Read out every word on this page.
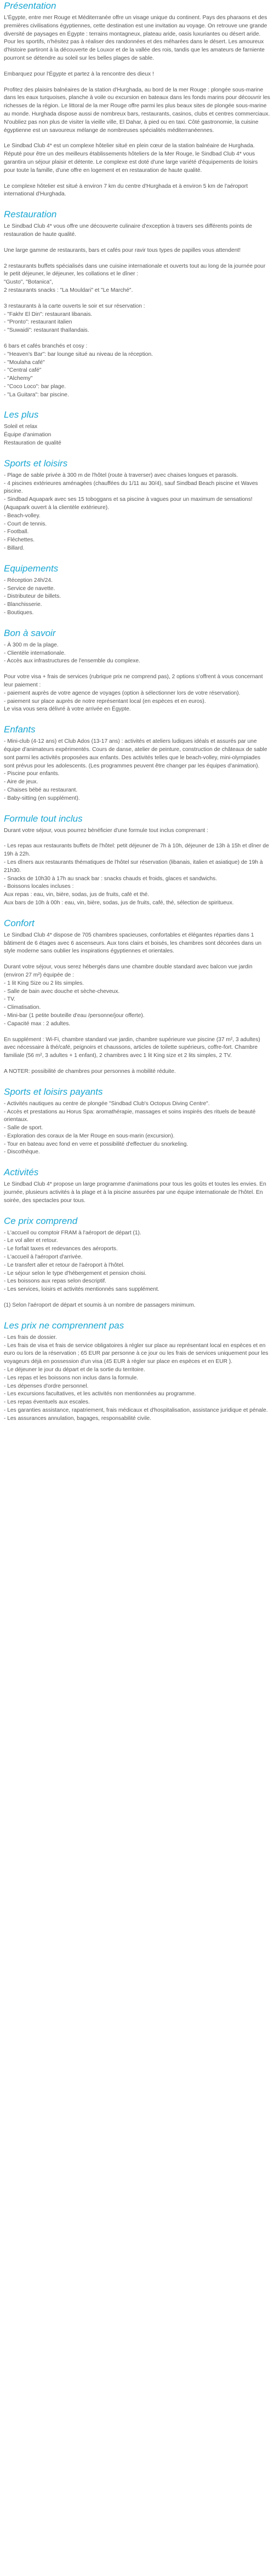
Présentation

L'Égypte, entre mer Rouge et Méditerranée offre un visage unique du continent. Pays des pharaons et des premières civilisations égyptiennes, cette destination est une invitation au voyage. On retrouve une grande diversité de paysages en Égypte : terrains montagneux, plateau aride, oasis luxuriantes ou désert aride. Pour les sportifs, n'hésitez pas à réaliser des randonnées et des méharées dans le désert. Les amoureux d'histoire partiront à la découverte de Louxor et de la vallée des rois, tandis que les amateurs de farniente pourront se détendre au soleil sur les belles plages de sable.

Embarquez pour l'Égypte et partez à la rencontre des dieux !

Profitez des plaisirs balnéaires de la station d'Hurghada, au bord de la mer Rouge : plongée sous-marine dans les eaux turquoises, planche à voile ou excursion en bateaux dans les fonds marins pour découvrir les richesses de la région. Le littoral de la mer Rouge offre parmi les plus beaux sites de plongée sous-marine au monde. Hurghada dispose aussi de nombreux bars, restaurants, casinos, clubs et centres commerciaux. N'oubliez pas non plus de visiter la vieille ville, El Dahar, à pied ou en taxi. Côté gastronomie, la cuisine égyptienne est un savoureux mélange de nombreuses spécialités méditerranéennes.

Le Sindbad Club 4* est un complexe hôtelier situé en plein cœur de la station balnéaire de Hurghada. Réputé pour être un des meilleurs établissements hôteliers de la Mer Rouge, le Sindbad Club 4* vous garantira un séjour plaisir et détente. Le complexe est doté d'une large variété d'équipements de loisirs pour toute la famille, d'une offre en logement et en restauration de haute qualité.

Le complexe hôtelier est situé à environ 7 km du centre d'Hurghada et à environ 5 km de l'aéroport international d'Hurghada.

Restauration

Le Sindbad Club 4* vous offre une découverte culinaire d'exception à travers ses différents points de restauration de haute qualité.

Une large gamme de restaurants, bars et cafés pour ravir tous types de papilles vous attendent!

2 restaurants buffets spécialisés dans une cuisine internationale et ouverts tout au long de la journée pour le petit déjeuner, le déjeuner, les collations et le dîner :
"Gusto", "Botanica",
2 restaurants snacks : "La Mouldari" et "Le Marché".

3 restaurants à la carte ouverts le soir et sur réservation :
- "Fakhr El Din": restaurant libanais.
- "Pronto": restaurant italien
- "Suwaidi": restaurant thaïlandais.

6 bars et cafés branchés et cosy :
- "Heaven's Bar": bar lounge situé au niveau de la réception.
- "Moulaha café"
- "Central café"
- "Alchemy"
- "Coco Loco": bar plage.
- "La Guitara": bar piscine.

Les plus

Soleil et relax
Équipe d'animation
Restauration de qualité

Sports et loisirs

- Plage de sable privée à 300 m de l'hôtel (route à traverser) avec chaises longues et parasols.
- 4 piscines extérieures aménagées (chauffées du 1/11 au 30/4), sauf Sindbad Beach piscine et Waves piscine.
- Sindbad Aquapark avec ses 15 toboggans et sa piscine à vagues pour un maximum de sensations! (Aquapark ouvert à la clientèle extérieure).
- Beach-volley.
- Court de tennis.
- Football.
- Fléchettes.
- Billard.

Equipements

- Réception 24h/24.
- Service de navette.
- Distributeur de billets.
- Blanchisserie.
- Boutiques.

Bon à savoir

- À 300 m de la plage.
- Clientèle internationale.
- Accès aux infrastructures de l'ensemble du complexe.

Pour votre visa + frais de services (rubrique prix ne comprend pas), 2 options s'offrent à vous concernant leur paiement :
- paiement auprès de votre agence de voyages (option à sélectionner lors de votre réservation).
- paiement sur place auprès de notre représentant local (en espèces et en euros).
Le visa vous sera délivré à votre arrivée en Égypte.

Enfants

- Mini-club (4-12 ans) et Club Ados (13-17 ans) : activités et ateliers ludiques idéals et assurés par une équipe d'animateurs expérimentés. Cours de danse, atelier de peinture, construction de châteaux de sable sont parmi les activités proposées aux enfants. Des activités telles que le beach-volley, mini-olympiades sont prévus pour les adolescents. (Les programmes peuvent être changer par les équipes d'animation).
- Piscine pour enfants.
- Aire de jeux.
- Chaises bébé au restaurant.
- Baby-sitting (en supplément).

Formule tout inclus

Durant votre séjour, vous pourrez bénéficier d'une formule tout inclus comprenant :

- Les repas aux restaurants buffets de l'hôtel: petit déjeuner de 7h à 10h, déjeuner de 13h à 15h et dîner de 19h à 22h.
- Les dîners aux restaurants thématiques de l'hôtel sur réservation (libanais, italien et asiatique) de 19h à 21h30.
- Snacks de 10h30 à 17h au snack bar : snacks chauds et froids, glaces et sandwichs.
- Boissons locales incluses :
Aux repas : eau, vin, bière, sodas, jus de fruits, café et thé.
Aux bars de 10h à 00h : eau, vin, bière, sodas, jus de fruits, café, thé, sélection de spiritueux.

Confort

Le Sindbad Club 4* dispose de 705 chambres spacieuses, confortables et élégantes réparties dans 1 bâtiment de 6 étages avec 6 ascenseurs. Aux tons clairs et boisés, les chambres sont décorées dans un style moderne sans oublier les inspirations égyptiennes et orientales.

Durant votre séjour, vous serez hébergés dans une chambre double standard avec balcon vue jardin (environ 27 m²) équipée de :
- 1 lit King Size ou 2 lits simples.
- Salle de bain avec douche et sèche-cheveux.
- TV.
- Climatisation.
- Mini-bar (1 petite bouteille d'eau /personne/jour offerte).
- Capacité max : 2 adultes.

En supplément : Wi-Fi, chambre standard vue jardin, chambre supérieure vue piscine (37 m², 3 adultes) avec nécessaire à thé/café, peignoirs et chaussons, articles de toilette supérieurs, coffre-fort. Chambre familiale (56 m², 3 adultes + 1 enfant), 2 chambres avec 1 lit King size et 2 lits simples, 2 TV.

A NOTER: possibilité de chambres pour personnes à mobilité réduite.

Sports et loisirs payants

- Activités nautiques au centre de plongée "Sindbad Club's Octopus Diving Centre".
- Accès et prestations au Horus Spa: aromathérapie, massages et soins inspirés des rituels de beauté orientaux.
- Salle de sport.
- Exploration des coraux de la Mer Rouge en sous-marin (excursion).
- Tour en bateau avec fond en verre et possibilité d'effectuer du snorkeling.
- Discothèque.

Activités

Le Sindbad Club 4* propose un large programme d'animations pour tous les goûts et toutes les envies. En journée, plusieurs activités à la plage et à la piscine assurées par une équipe internationale de l'hôtel. En soirée, des spectacles pour tous.

Ce prix comprend

- L'accueil ou comptoir FRAM à l'aéroport de départ (1).
- Le vol aller et retour.
- Le forfait taxes et redevances des aéroports.
- L'accueil à l'aéroport d'arrivée.
- Le transfert aller et retour de l'aéroport à l'hôtel.
- Le séjour selon le type d'hébergement et pension choisi.
- Les boissons aux repas selon descriptif.
- Les services, loisirs et activités mentionnés sans supplément.

(1) Selon l'aéroport de départ et soumis à un nombre de passagers minimum.

Les prix ne comprennent pas

- Les frais de dossier.
- Les frais de visa et frais de service obligatoires à régler sur place au représentant local en espèces et en euro ou lors de la réservation ; 65 EUR par personne à ce jour ou les frais de services uniquement pour les voyageurs déjà en possession d'un visa (45 EUR à régler sur place en espèces et en EUR ).
- Le déjeuner le jour du départ et de la sortie du territoire.
- Les repas et les boissons non inclus dans la formule.
- Les dépenses d'ordre personnel.
- Les excursions facultatives, et les activités non mentionnées au programme.
- Les repas éventuels aux escales.
- Les garanties assistance, rapatriement, frais médicaux et d'hospitalisation, assistance juridique et pénale.
- Les assurances annulation, bagages, responsabilité civile.
